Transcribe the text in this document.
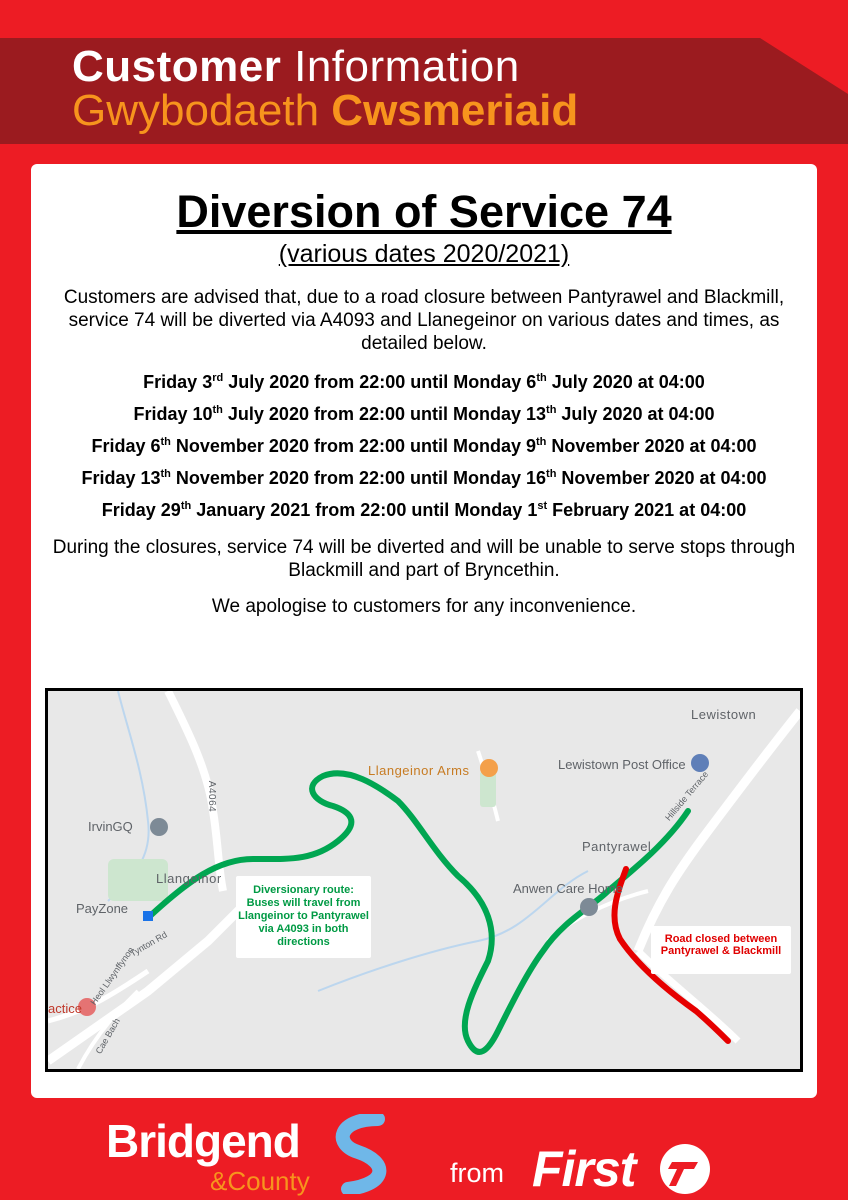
Customer Information
Gwybodaeth Cwsmeriaid
Diversion of Service 74
(various dates 2020/2021)
Customers are advised that, due to a road closure between Pantyrawel and Blackmill, service 74 will be diverted via A4093 and Llanegeinor on various dates and times, as detailed below.
Friday 3rd July 2020 from 22:00 until Monday 6th July 2020 at 04:00
Friday 10th July 2020 from 22:00 until Monday 13th July 2020 at 04:00
Friday 6th November 2020 from 22:00 until Monday 9th November 2020 at 04:00
Friday 13th November 2020 from 22:00 until Monday 16th November 2020 at 04:00
Friday 29th January 2021 from 22:00 until Monday 1st February 2021 at 04:00
During the closures, service 74 will be diverted and will be unable to serve stops through Blackmill and part of Bryncethin.
We apologise to customers for any inconvenience.
Lewistown
Llangeinor Arms	Lewistown Post Office
IrvinGQ
A4064
Llangeinor
Pantyrawel
Hillside Terrace
Anwen Care Home
PayZone
Tynton Rd
Heol Llwynffynon
Cae Bach
actice
Diversionary route: Buses will travel from Llangeinor to Pantyrawel via A4093 in both directions	Road closed between Pantyrawel & Blackmill
Bridgend
&County	from First
